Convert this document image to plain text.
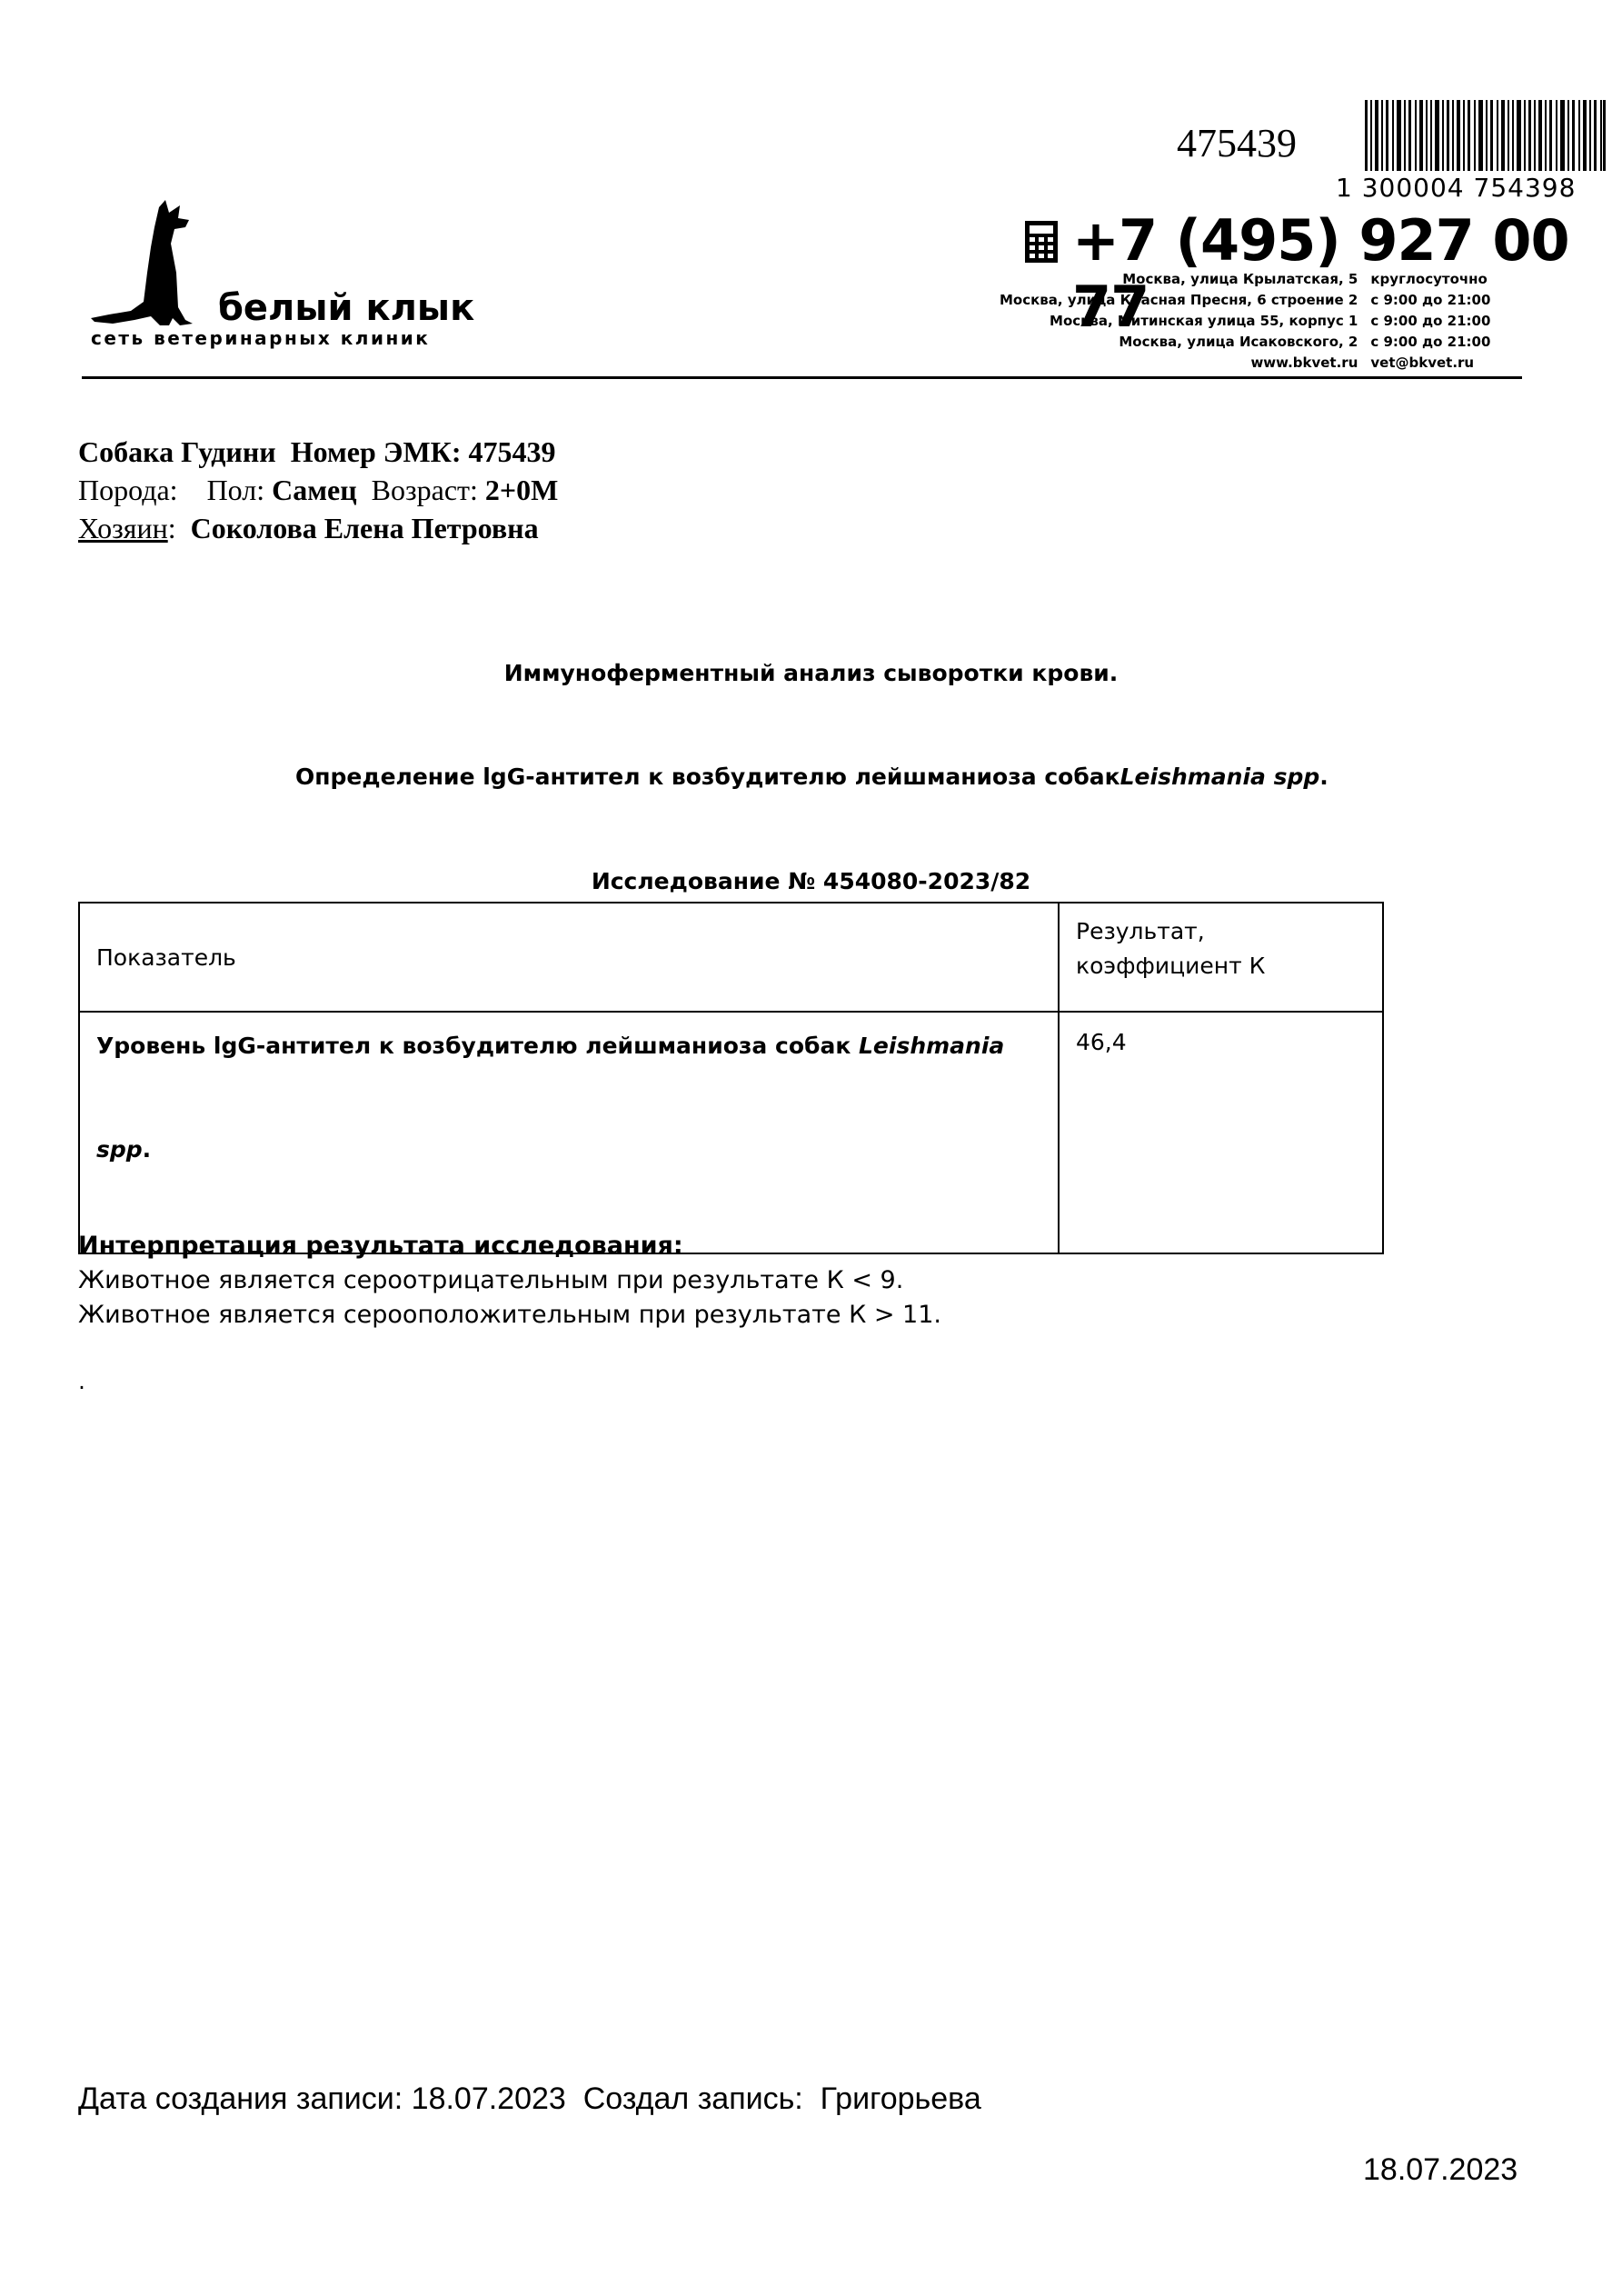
475439
1 300004 754398
белый клык
сеть ветеринарных клиник
+7 (495) 927 00 77
Москва, улица Крылатская, 5	круглосуточно
Москва, улица Красная Пресня, 6 строение 2	с 9:00 до 21:00
Москва, Митинская улица 55, корпус 1	с 9:00 до 21:00
Москва, улица Исаковского, 2	с 9:00 до 21:00
www.bkvet.ru	vet@bkvet.ru
Собака Гудини Номер ЭМК: 475439
Порода: Пол: Самец Возраст: 2+0М
Хозяин:  Соколова Елена Петровна
Иммуноферментный анализ сыворотки крови.
Определение lgG-антител к возбудителю лейшманиоза собакLeishmania spp.
Исследование № 454080-2023/82
Показатель	Результат,
коэффициент К

Уровень lgG-антител к возбудителю лейшманиоза собак Leishmania
spp.	46,4
Интерпретация результата исследования:
Животное является сероотрицательным при результате К < 9.
Животное является серооположительным при результате К > 11.
.
Дата создания записи: 18.07.2023 Создал запись: Григорьева
18.07.2023
